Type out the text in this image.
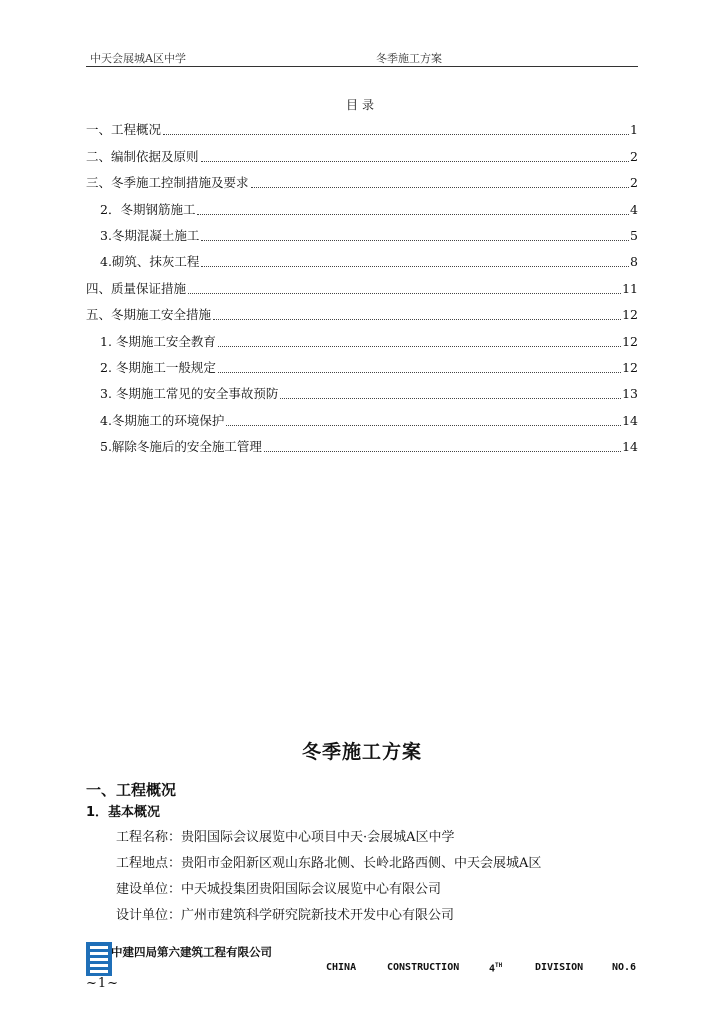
中天会展城A区中学	冬季施工方案
目录
一、工程概况	1
二、编制依据及原则	2
三、冬季施工控制措施及要求	2
2．冬期钢筋施工	4
3.冬期混凝土施工	5
4.砌筑、抹灰工程	8
四、质量保证措施	11
五、冬期施工安全措施	12
1. 冬期施工安全教育	12
2. 冬期施工一般规定	12
3. 冬期施工常见的安全事故预防	13
4.冬期施工的环境保护	14
5.解除冬施后的安全施工管理	14
冬季施工方案
一、工程概况
1．基本概况
工程名称：贵阳国际会议展览中心项目中天·会展城A区中学
工程地点：贵阳市金阳新区观山东路北侧、长岭北路西侧、中天会展城A区
建设单位：中天城投集团贵阳国际会议展览中心有限公司
设计单位：广州市建筑科学研究院新技术开发中心有限公司
中建四局第六建筑工程有限公司
CHINA	CONSTRUCTION	4TH	DIVISION	NO.6
~1~
